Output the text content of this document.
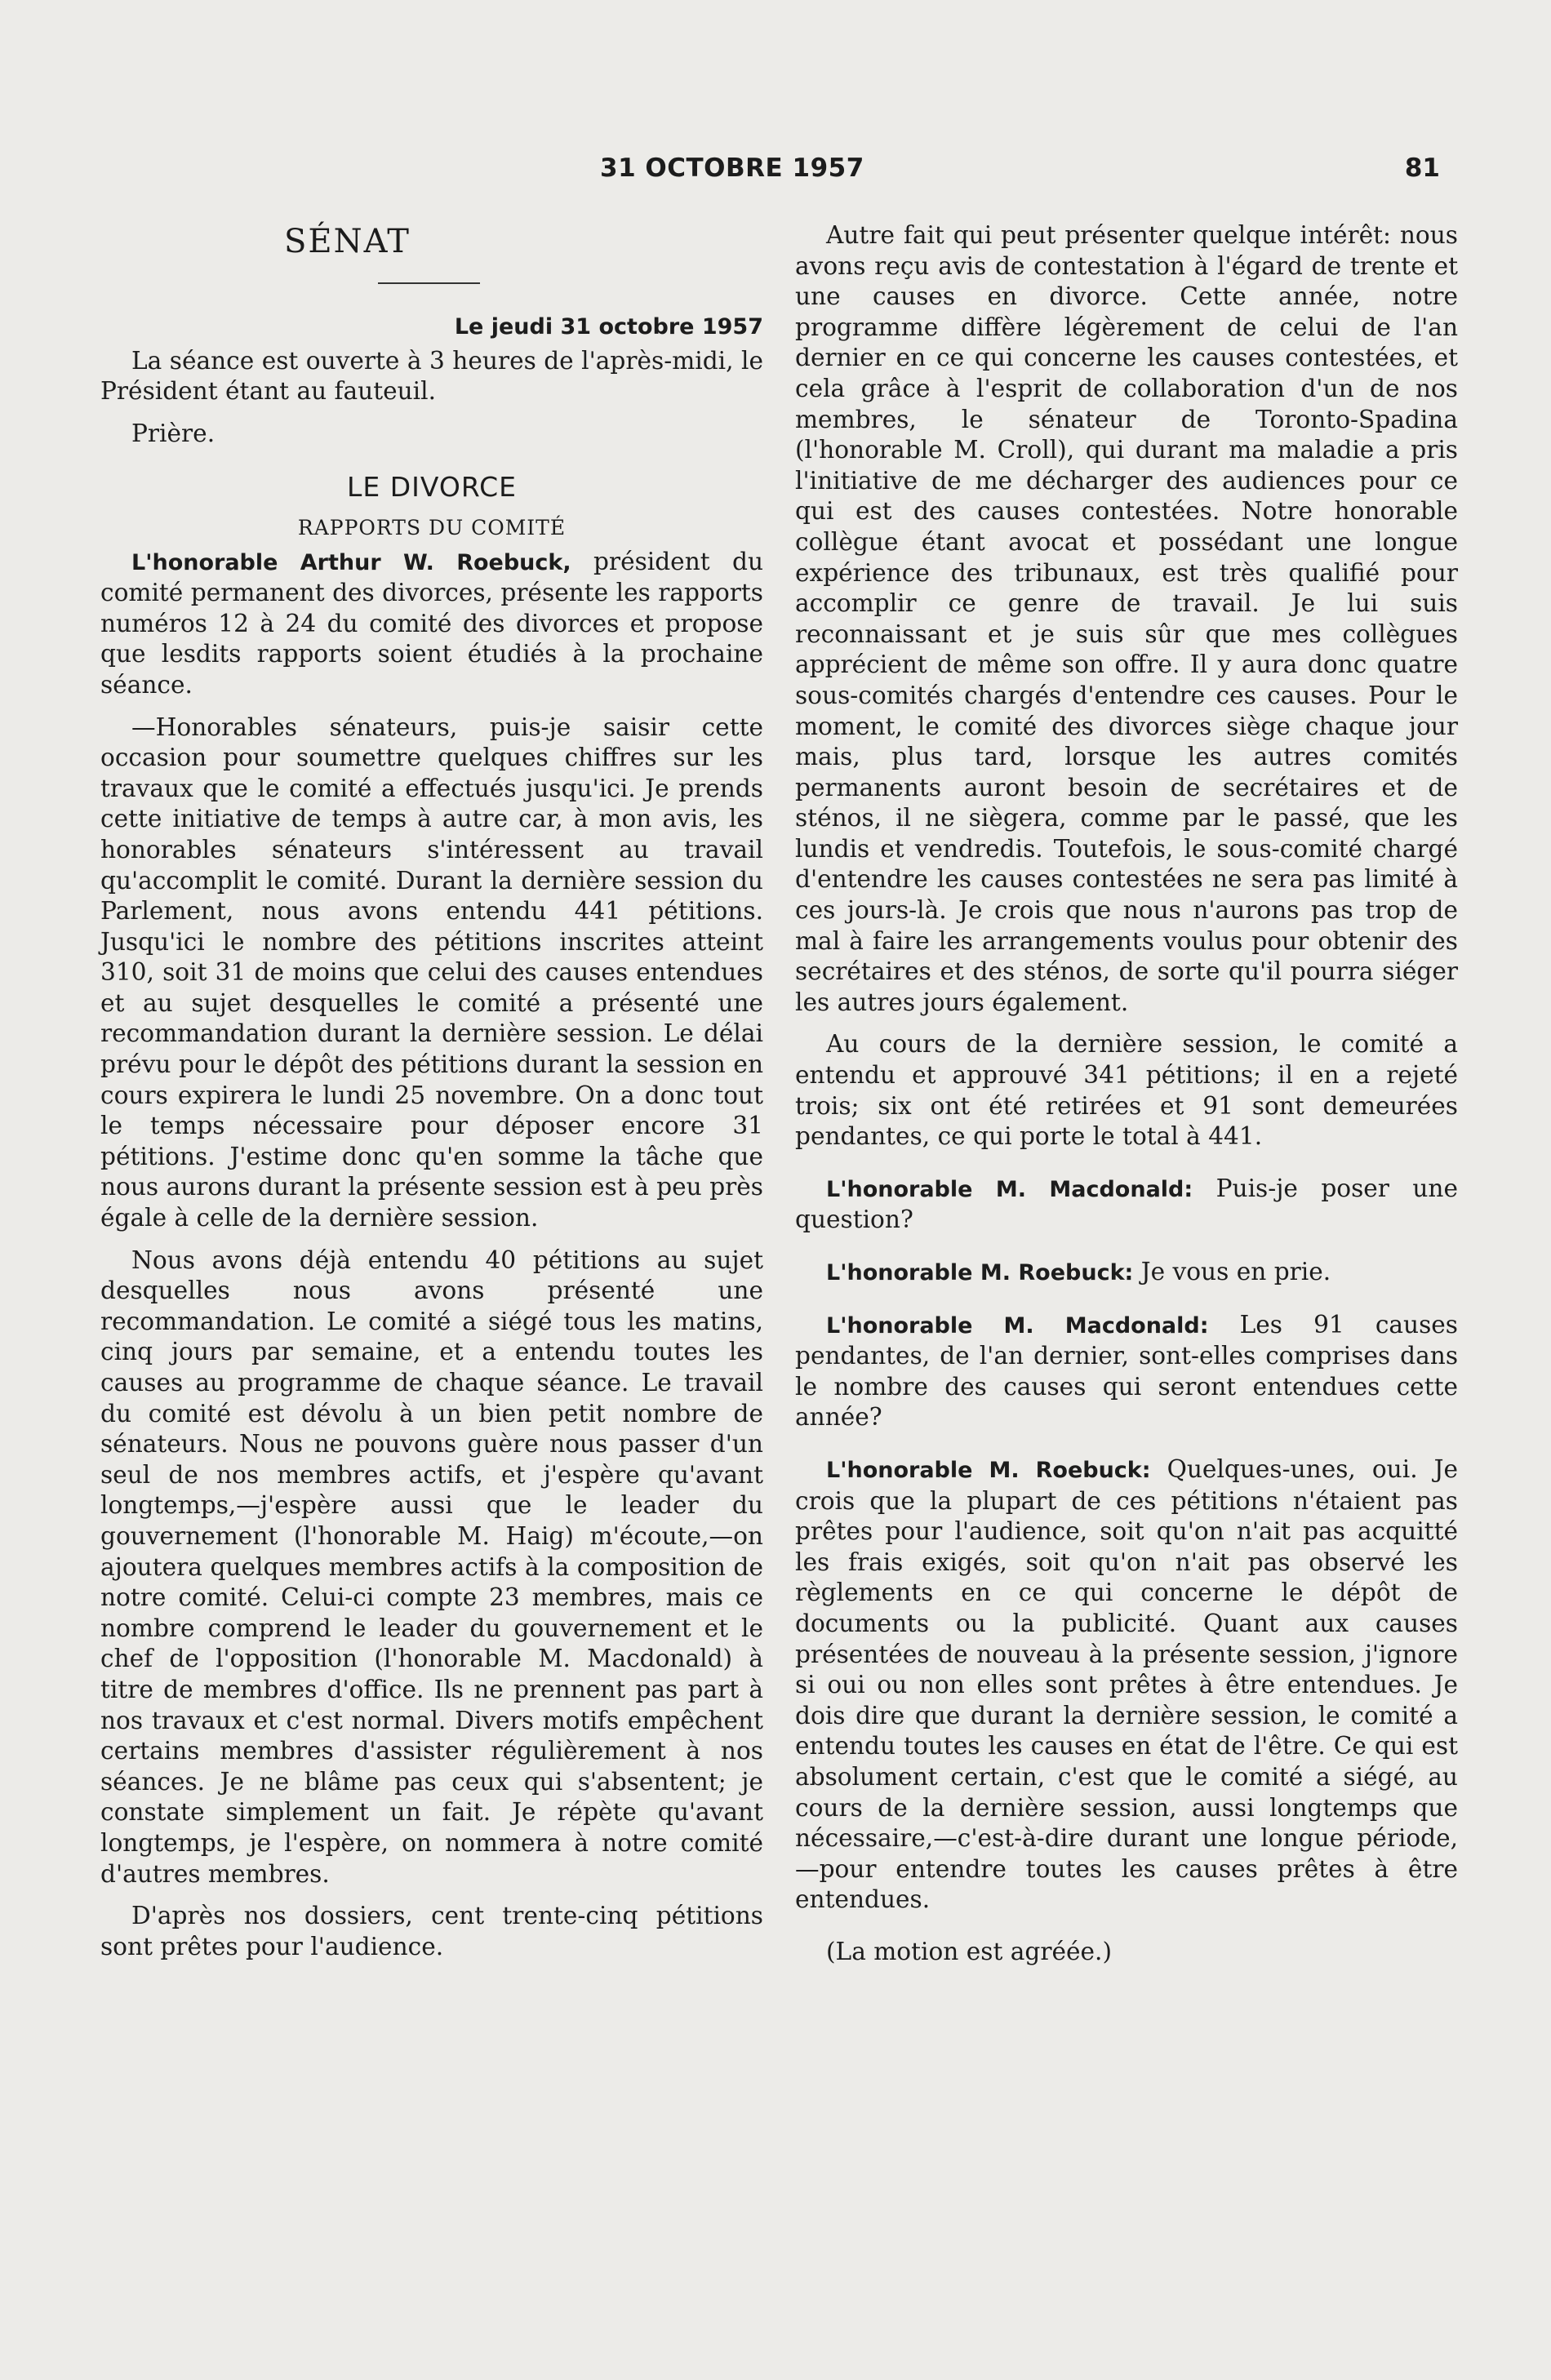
31 OCTOBRE 1957	81
SÉNAT
Le jeudi 31 octobre 1957

La séance est ouverte à 3 heures de l'après-midi, le Président étant au fauteuil.

Prière.

LE DIVORCE
RAPPORTS DU COMITÉ

L'honorable Arthur W. Roebuck, président du comité permanent des divorces, présente les rapports numéros 12 à 24 du comité des divorces et propose que lesdits rapports soient étudiés à la prochaine séance.

—Honorables sénateurs, puis-je saisir cette occasion pour soumettre quelques chiffres sur les travaux que le comité a effectués jusqu'ici. Je prends cette initiative de temps à autre car, à mon avis, les honorables sénateurs s'intéressent au travail qu'accomplit le comité. Durant la dernière session du Parlement, nous avons entendu 441 pétitions. Jusqu'ici le nombre des pétitions inscrites atteint 310, soit 31 de moins que celui des causes entendues et au sujet desquelles le comité a présenté une recommandation durant la dernière session. Le délai prévu pour le dépôt des pétitions durant la session en cours expirera le lundi 25 novembre. On a donc tout le temps nécessaire pour déposer encore 31 pétitions. J'estime donc qu'en somme la tâche que nous aurons durant la présente session est à peu près égale à celle de la dernière session.

Nous avons déjà entendu 40 pétitions au sujet desquelles nous avons présenté une recommandation. Le comité a siégé tous les matins, cinq jours par semaine, et a entendu toutes les causes au programme de chaque séance. Le travail du comité est dévolu à un bien petit nombre de sénateurs. Nous ne pouvons guère nous passer d'un seul de nos membres actifs, et j'espère qu'avant longtemps,—j'espère aussi que le leader du gouvernement (l'honorable M. Haig) m'écoute,—on ajoutera quelques membres actifs à la composition de notre comité. Celui-ci compte 23 membres, mais ce nombre comprend le leader du gouvernement et le chef de l'opposition (l'honorable M. Macdonald) à titre de membres d'office. Ils ne prennent pas part à nos travaux et c'est normal. Divers motifs empêchent certains membres d'assister régulièrement à nos séances. Je ne blâme pas ceux qui s'absentent; je constate simplement un fait. Je répète qu'avant longtemps, je l'espère, on nommera à notre comité d'autres membres.

D'après nos dossiers, cent trente-cinq pétitions sont prêtes pour l'audience.

Autre fait qui peut présenter quelque intérêt: nous avons reçu avis de contestation à l'égard de trente et une causes en divorce. Cette année, notre programme diffère légèrement de celui de l'an dernier en ce qui concerne les causes contestées, et cela grâce à l'esprit de collaboration d'un de nos membres, le sénateur de Toronto-Spadina (l'honorable M. Croll), qui durant ma maladie a pris l'initiative de me décharger des audiences pour ce qui est des causes contestées. Notre honorable collègue étant avocat et possédant une longue expérience des tribunaux, est très qualifié pour accomplir ce genre de travail. Je lui suis reconnaissant et je suis sûr que mes collègues apprécient de même son offre. Il y aura donc quatre sous-comités chargés d'entendre ces causes. Pour le moment, le comité des divorces siège chaque jour mais, plus tard, lorsque les autres comités permanents auront besoin de secrétaires et de sténos, il ne siègera, comme par le passé, que les lundis et vendredis. Toutefois, le sous-comité chargé d'entendre les causes contestées ne sera pas limité à ces jours-là. Je crois que nous n'aurons pas trop de mal à faire les arrangements voulus pour obtenir des secrétaires et des sténos, de sorte qu'il pourra siéger les autres jours également.

Au cours de la dernière session, le comité a entendu et approuvé 341 pétitions; il en a rejeté trois; six ont été retirées et 91 sont demeurées pendantes, ce qui porte le total à 441.

L'honorable M. Macdonald: Puis-je poser une question?

L'honorable M. Roebuck: Je vous en prie.

L'honorable M. Macdonald: Les 91 causes pendantes, de l'an dernier, sont-elles comprises dans le nombre des causes qui seront entendues cette année?

L'honorable M. Roebuck: Quelques-unes, oui. Je crois que la plupart de ces pétitions n'étaient pas prêtes pour l'audience, soit qu'on n'ait pas acquitté les frais exigés, soit qu'on n'ait pas observé les règlements en ce qui concerne le dépôt de documents ou la publicité. Quant aux causes présentées de nouveau à la présente session, j'ignore si oui ou non elles sont prêtes à être entendues. Je dois dire que durant la dernière session, le comité a entendu toutes les causes en état de l'être. Ce qui est absolument certain, c'est que le comité a siégé, au cours de la dernière session, aussi longtemps que nécessaire,—c'est-à-dire durant une longue période,—pour entendre toutes les causes prêtes à être entendues.

(La motion est agréée.)
